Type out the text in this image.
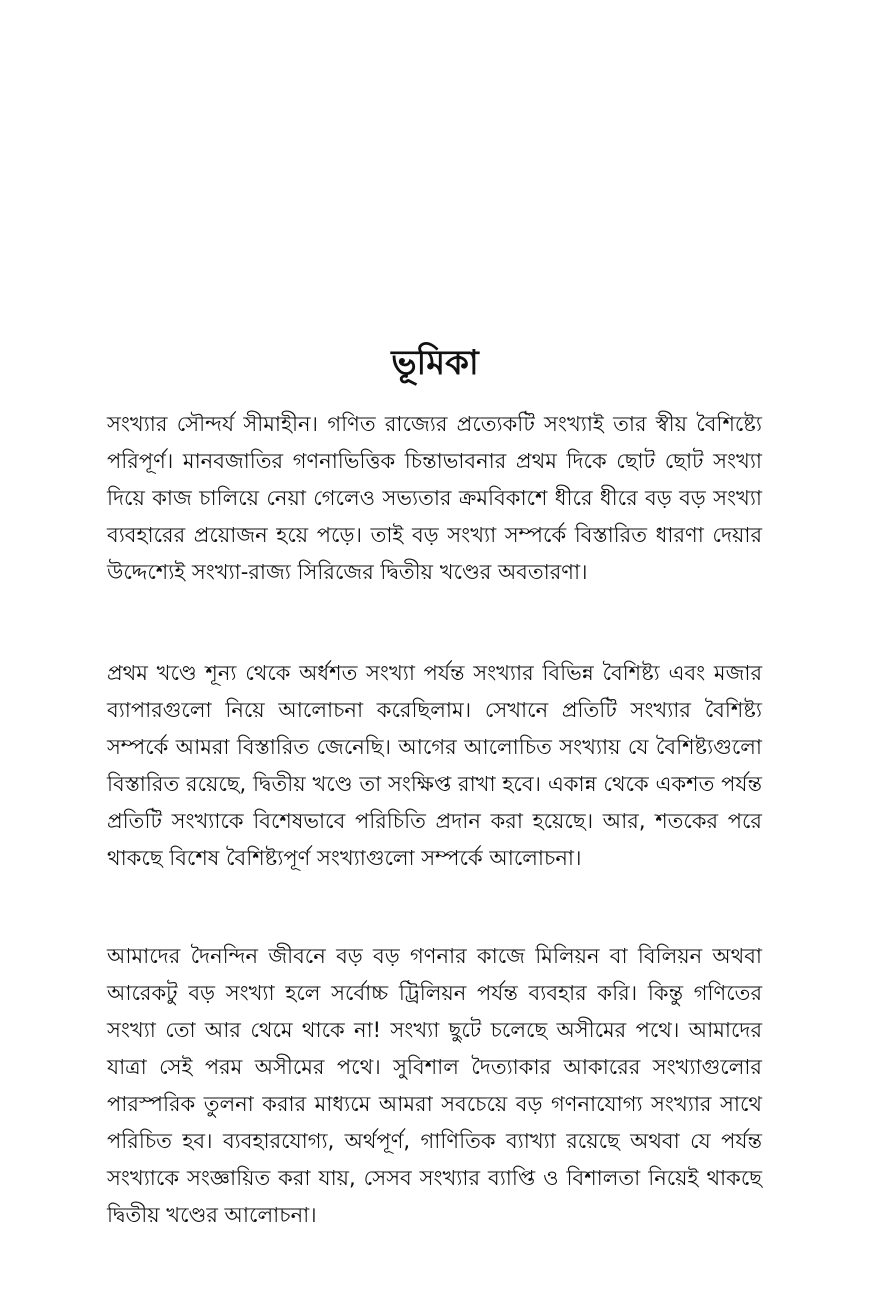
ভূমিকা

সংখ্যার সৌন্দর্য সীমাহীন। গণিত রাজ্যের প্রত্যেকটি সংখ্যাই তার স্বীয় বৈশিষ্ট্যে পরিপূর্ণ। মানবজাতির গণনাভিত্তিক চিন্তাভাবনার প্রথম দিকে ছোট ছোট সংখ্যা দিয়ে কাজ চালিয়ে নেয়া গেলেও সভ্যতার ক্রমবিকাশে ধীরে ধীরে বড় বড় সংখ্যা ব্যবহারের প্রয়োজন হয়ে পড়ে। তাই বড় সংখ্যা সম্পর্কে বিস্তারিত ধারণা দেয়ার উদ্দেশ্যেই সংখ্যা-রাজ্য সিরিজের দ্বিতীয় খণ্ডের অবতারণা।

প্রথম খণ্ডে শূন্য থেকে অর্ধশত সংখ্যা পর্যন্ত সংখ্যার বিভিন্ন বৈশিষ্ট্য এবং মজার ব্যাপারগুলো নিয়ে আলোচনা করেছিলাম। সেখানে প্রতিটি সংখ্যার বৈশিষ্ট্য সম্পর্কে আমরা বিস্তারিত জেনেছি। আগের আলোচিত সংখ্যায় যে বৈশিষ্ট্যগুলো বিস্তারিত রয়েছে, দ্বিতীয় খণ্ডে তা সংক্ষিপ্ত রাখা হবে। একান্ন থেকে একশত পর্যন্ত প্রতিটি সংখ্যাকে বিশেষভাবে পরিচিতি প্রদান করা হয়েছে। আর, শতকের পরে থাকছে বিশেষ বৈশিষ্ট্যপূর্ণ সংখ্যাগুলো সম্পর্কে আলোচনা।

আমাদের দৈনন্দিন জীবনে বড় বড় গণনার কাজে মিলিয়ন বা বিলিয়ন অথবা আরেকটু বড় সংখ্যা হলে সর্বোচ্চ ট্রিলিয়ন পর্যন্ত ব্যবহার করি। কিন্তু গণিতের সংখ্যা তো আর থেমে থাকে না! সংখ্যা ছুটে চলেছে অসীমের পথে। আমাদের যাত্রা সেই পরম অসীমের পথে। সুবিশাল দৈত্যাকার আকারের সংখ্যাগুলোর পারস্পরিক তুলনা করার মাধ্যমে আমরা সবচেয়ে বড় গণনাযোগ্য সংখ্যার সাথে পরিচিত হব। ব্যবহারযোগ্য, অর্থপূর্ণ, গাণিতিক ব্যাখ্যা রয়েছে অথবা যে পর্যন্ত সংখ্যাকে সংজ্ঞায়িত করা যায়, সেসব সংখ্যার ব্যাপ্তি ও বিশালতা নিয়েই থাকছে দ্বিতীয় খণ্ডের আলোচনা।
